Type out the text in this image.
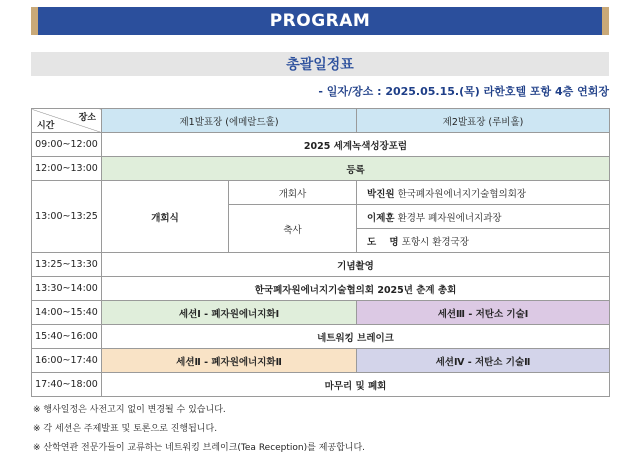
PROGRAM
총괄일정표
- 일자/장소 : 2025.05.15.(목) 라한호텔 포항 4층 연회장
장소
시간	제1발표장 (에메랄드홀)		제2발표장 (루비홀)
09:00~12:00	2025 세계녹색성장포럼		
12:00~13:00	등록		
13:00~13:25	개회식	개회사	박진원 한국폐자원에너지기술협의회장
		축사	이제훈 환경부 폐자원에너지과장
			도    명 포항시 환경국장
13:25~13:30	기념촬영		
13:30~14:00	한국폐자원에너지기술협의회 2025년 춘계 총회		
14:00~15:40	세션Ⅰ - 폐자원에너지화Ⅰ		세션Ⅲ - 저탄소 기술Ⅰ
15:40~16:00	네트워킹 브레이크		
16:00~17:40	세션Ⅱ - 폐자원에너지화Ⅱ		세션Ⅳ - 저탄소 기술Ⅱ
17:40~18:00	마무리 및 폐회		
※ 행사일정은 사전고지 없이 변경될 수 있습니다.
※ 각 세션은 주제발표 및 토론으로 진행됩니다.
※ 산학연관 전문가들이 교류하는 네트워킹 브레이크(Tea Reception)를 제공합니다.
